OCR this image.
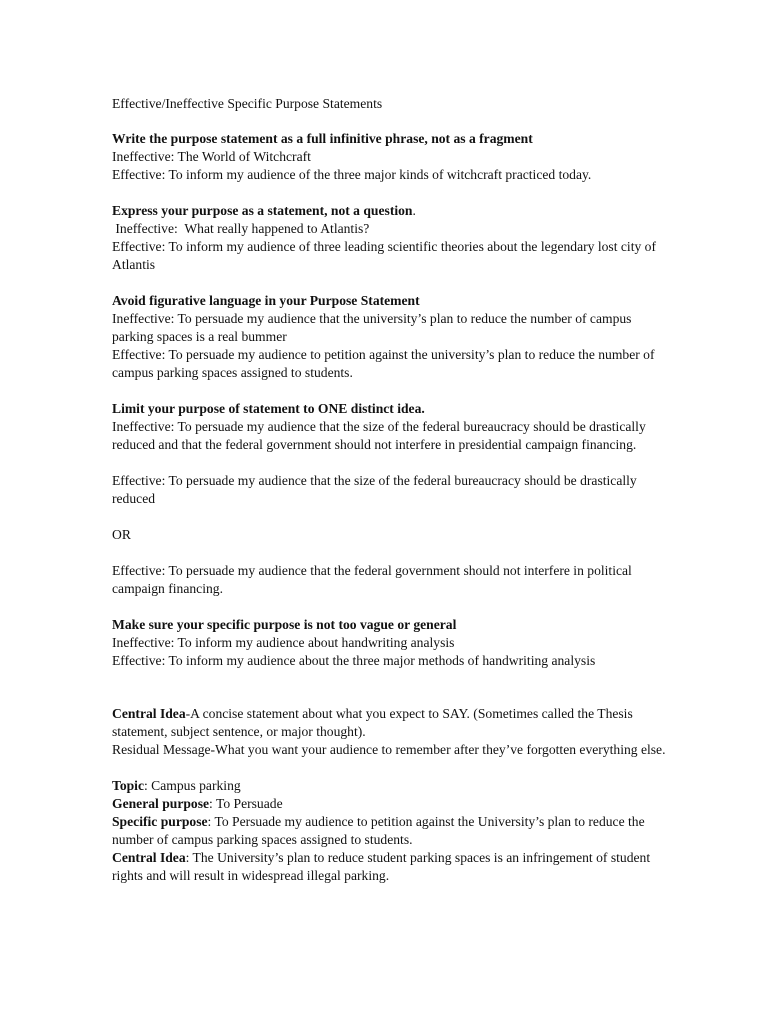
Effective/Ineffective Specific Purpose Statements
Write the purpose statement as a full infinitive phrase, not as a fragment
Ineffective: The World of Witchcraft
Effective: To inform my audience of the three major kinds of witchcraft practiced today.
Express your purpose as a statement, not a question.
Ineffective:  What really happened to Atlantis?
Effective: To inform my audience of three leading scientific theories about the legendary lost city of Atlantis
Avoid figurative language in your Purpose Statement
Ineffective: To persuade my audience that the university’s plan to reduce the number of campus parking spaces is a real bummer
Effective: To persuade my audience to petition against the university’s plan to reduce the number of campus parking spaces assigned to students.
Limit your purpose of statement to ONE distinct idea.
Ineffective: To persuade my audience that the size of the federal bureaucracy should be drastically reduced and that the federal government should not interfere in presidential campaign financing.
Effective: To persuade my audience that the size of the federal bureaucracy should be drastically reduced
OR
Effective: To persuade my audience that the federal government should not interfere in political campaign financing.
Make sure your specific purpose is not too vague or general
Ineffective: To inform my audience about handwriting analysis
Effective: To inform my audience about the three major methods of handwriting analysis
Central Idea-A concise statement about what you expect to SAY. (Sometimes called the Thesis statement, subject sentence, or major thought).
Residual Message-What you want your audience to remember after they’ve forgotten everything else.
Topic: Campus parking
General purpose: To Persuade
Specific purpose: To Persuade my audience to petition against the University’s plan to reduce the number of campus parking spaces assigned to students.
Central Idea: The University’s plan to reduce student parking spaces is an infringement of student rights and will result in widespread illegal parking.
